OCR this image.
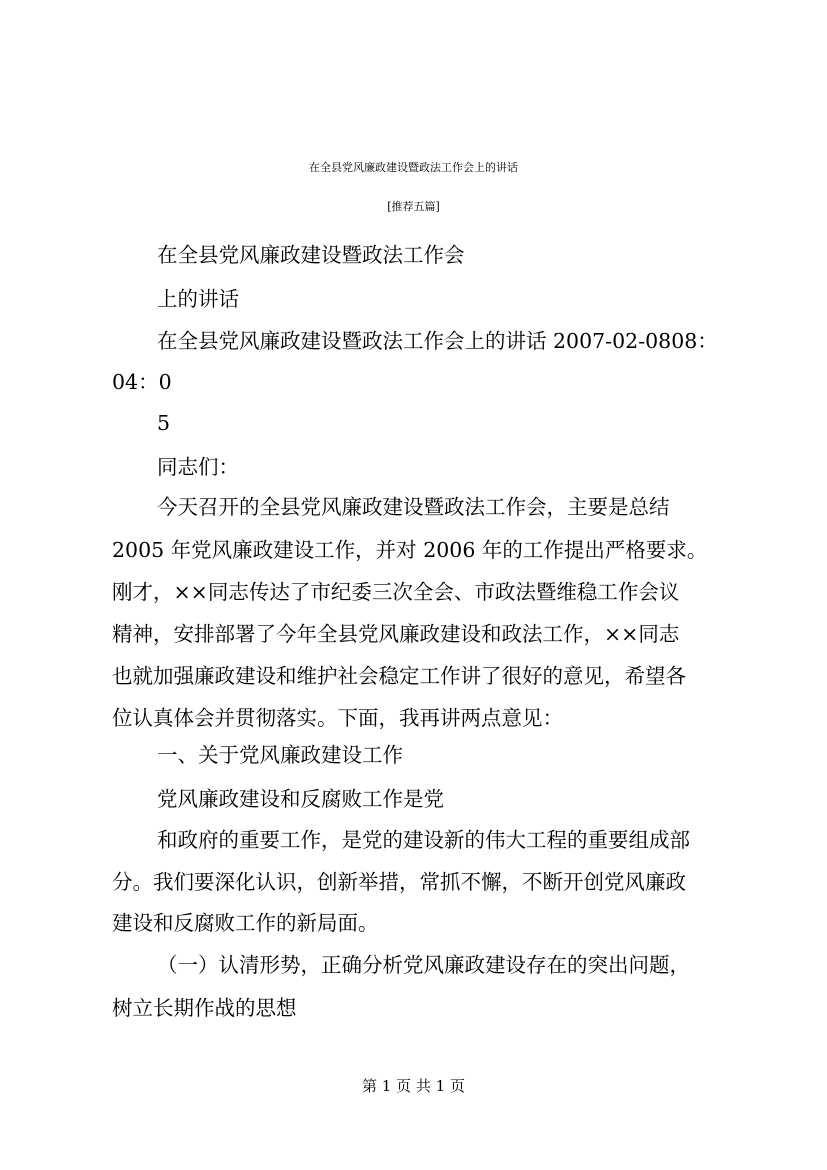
在全县党风廉政建设暨政法工作会上的讲话
[推荐五篇]
在全县党风廉政建设暨政法工作会
上的讲话
在全县党风廉政建设暨政法工作会上的讲话 2007-02-0808：
04：0
5
同志们：
今天召开的全县党风廉政建设暨政法工作会，主要是总结
2005 年党风廉政建设工作，并对 2006 年的工作提出严格要求。
刚才，××同志传达了市纪委三次全会、市政法暨维稳工作会议
精神，安排部署了今年全县党风廉政建设和政法工作，××同志
也就加强廉政建设和维护社会稳定工作讲了很好的意见，希望各
位认真体会并贯彻落实。下面，我再讲两点意见：
一、关于党风廉政建设工作
党风廉政建设和反腐败工作是党
和政府的重要工作，是党的建设新的伟大工程的重要组成部
分。我们要深化认识，创新举措，常抓不懈，不断开创党风廉政
建设和反腐败工作的新局面。
（一）认清形势，正确分析党风廉政建设存在的突出问题，
树立长期作战的思想
第 1 页 共 1 页
